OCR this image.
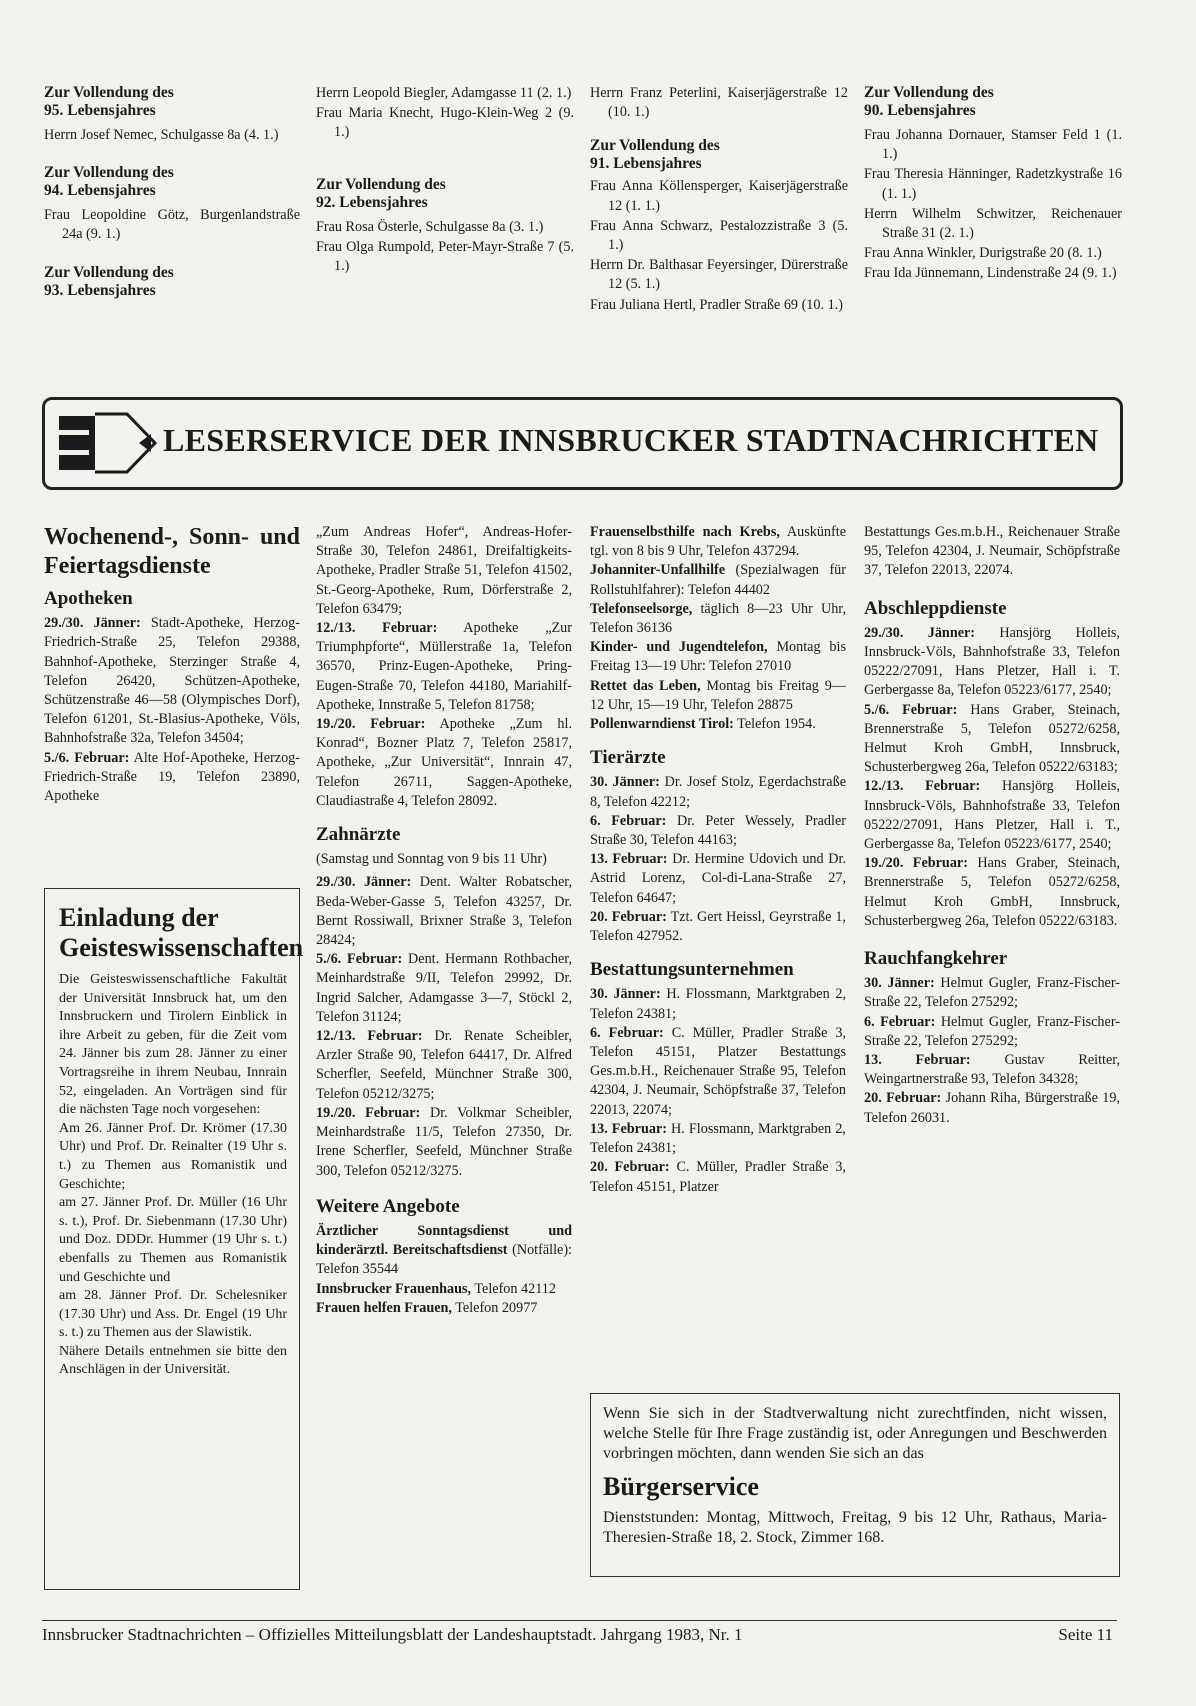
Zur Vollendung des

95. Lebensjahres

Herrn Josef Nemec, Schulgasse 8a (4. 1.)

Zur Vollendung des

94. Lebensjahres

Frau Leopoldine Götz, Burgenlandstraße 24a (9. 1.)

Zur Vollendung des

93. Lebensjahres

Herrn Leopold Biegler, Adamgasse 11 (2. 1.)

Frau Maria Knecht, Hugo-Klein-Weg 2 (9. 1.)

Zur Vollendung des

92. Lebensjahres

Frau Rosa Österle, Schulgasse 8a (3. 1.)

Frau Olga Rumpold, Peter-Mayr-Straße 7 (5. 1.)

Herrn Franz Peterlini, Kaiserjägerstraße 12 (10. 1.)

Zur Vollendung des

91. Lebensjahres

Frau Anna Köllensperger, Kaiserjägerstraße 12 (1. 1.)

Frau Anna Schwarz, Pestalozzistraße 3 (5. 1.)

Herrn Dr. Balthasar Feyersinger, Dürerstraße 12 (5. 1.)

Frau Juliana Hertl, Pradler Straße 69 (10. 1.)

Zur Vollendung des

90. Lebensjahres

Frau Johanna Dornauer, Stamser Feld 1 (1. 1.)

Frau Theresia Hänninger, Radetzkystraße 16 (1. 1.)

Herrn Wilhelm Schwitzer, Reichenauer Straße 31 (2. 1.)

Frau Anna Winkler, Durigstraße 20 (8. 1.)

Frau Ida Jünnemann, Lindenstraße 24 (9. 1.)

LESERSERVICE DER INNSBRUCKER STADTNACHRICHTEN

Wochenend-, Sonn- und Feiertagsdienste

Apotheken

29./30. Jänner: Stadt-Apotheke, Herzog-Friedrich-Straße 25, Telefon 29388, Bahnhof-Apotheke, Sterzinger Straße 4, Telefon 26420, Schützen-Apotheke, Schützenstraße 46—58 (Olympisches Dorf), Telefon 61201, St.-Blasius-Apotheke, Völs, Bahnhofstraße 32a, Telefon 34504;

5./6. Februar: Alte Hof-Apotheke, Herzog-Friedrich-Straße 19, Telefon 23890, Apotheke

Einladung der Geisteswissenschaften

Die Geisteswissenschaftliche Fakultät der Universität Innsbruck hat, um den Innsbruckern und Tirolern Einblick in ihre Arbeit zu geben, für die Zeit vom 24. Jänner bis zum 28. Jänner zu einer Vortragsreihe in ihrem Neubau, Innrain 52, eingeladen. An Vorträgen sind für die nächsten Tage noch vorgesehen:

Am 26. Jänner Prof. Dr. Krömer (17.30 Uhr) und Prof. Dr. Reinalter (19 Uhr s. t.) zu Themen aus Romanistik und Geschichte;

am 27. Jänner Prof. Dr. Müller (16 Uhr s. t.), Prof. Dr. Siebenmann (17.30 Uhr) und Doz. DDDr. Hummer (19 Uhr s. t.) ebenfalls zu Themen aus Romanistik und Geschichte und

am 28. Jänner Prof. Dr. Schelesniker (17.30 Uhr) und Ass. Dr. Engel (19 Uhr s. t.) zu Themen aus der Slawistik.

Nähere Details entnehmen sie bitte den Anschlägen in der Universität.

„Zum Andreas Hofer“, Andreas-Hofer-Straße 30, Telefon 24861, Dreifaltigkeits-Apotheke, Pradler Straße 51, Telefon 41502, St.-Georg-Apotheke, Rum, Dörferstraße 2, Telefon 63479;

12./13. Februar: Apotheke „Zur Triumphpforte“, Müllerstraße 1a, Telefon 36570, Prinz-Eugen-Apotheke, Pring-Eugen-Straße 70, Telefon 44180, Mariahilf-Apotheke, Innstraße 5, Telefon 81758;

19./20. Februar: Apotheke „Zum hl. Konrad“, Bozner Platz 7, Telefon 25817, Apotheke, „Zur Universität“, Innrain 47, Telefon 26711, Saggen-Apotheke, Claudiastraße 4, Telefon 28092.

Zahnärzte

(Samstag und Sonntag von 9 bis 11 Uhr)

29./30. Jänner: Dent. Walter Robatscher, Beda-Weber-Gasse 5, Telefon 43257, Dr. Bernt Rossiwall, Brixner Straße 3, Telefon 28424;

5./6. Februar: Dent. Hermann Rothbacher, Meinhardstraße 9/II, Telefon 29992, Dr. Ingrid Salcher, Adamgasse 3—7, Stöckl 2, Telefon 31124;

12./13. Februar: Dr. Renate Scheibler, Arzler Straße 90, Telefon 64417, Dr. Alfred Scherfler, Seefeld, Münchner Straße 300, Telefon 05212/3275;

19./20. Februar: Dr. Volkmar Scheibler, Meinhardstraße 11/5, Telefon 27350, Dr. Irene Scherfler, Seefeld, Münchner Straße 300, Telefon 05212/3275.

Weitere Angebote

Ärztlicher Sonntagsdienst und kinderärztl. Bereitschaftsdienst (Notfälle): Telefon 35544

Innsbrucker Frauenhaus, Telefon 42112

Frauen helfen Frauen, Telefon 20977

Frauenselbsthilfe nach Krebs, Auskünfte tgl. von 8 bis 9 Uhr, Telefon 437294.

Johanniter-Unfallhilfe (Spezialwagen für Rollstuhlfahrer): Telefon 44402

Telefonseelsorge, täglich 8—23 Uhr Uhr, Telefon 36136

Kinder- und Jugendtelefon, Montag bis Freitag 13—19 Uhr: Telefon 27010

Rettet das Leben, Montag bis Freitag 9—12 Uhr, 15—19 Uhr, Telefon 28875

Pollenwarndienst Tirol: Telefon 1954.

Tierärzte

30. Jänner: Dr. Josef Stolz, Egerdachstraße 8, Telefon 42212;

6. Februar: Dr. Peter Wessely, Pradler Straße 30, Telefon 44163;

13. Februar: Dr. Hermine Udovich und Dr. Astrid Lorenz, Col-di-Lana-Straße 27, Telefon 64647;

20. Februar: Tzt. Gert Heissl, Geyrstraße 1, Telefon 427952.

Bestattungsunternehmen

30. Jänner: H. Flossmann, Marktgraben 2, Telefon 24381;

6. Februar: C. Müller, Pradler Straße 3, Telefon 45151, Platzer Bestattungs Ges.m.b.H., Reichenauer Straße 95, Telefon 42304, J. Neumair, Schöpfstraße 37, Telefon 22013, 22074;

13. Februar: H. Flossmann, Marktgraben 2, Telefon 24381;

20. Februar: C. Müller, Pradler Straße 3, Telefon 45151, Platzer

Bestattungs Ges.m.b.H., Reichenauer Straße 95, Telefon 42304, J. Neumair, Schöpfstraße 37, Telefon 22013, 22074.

Abschleppdienste

29./30. Jänner: Hansjörg Holleis, Innsbruck-Völs, Bahnhofstraße 33, Telefon 05222/27091, Hans Pletzer, Hall i. T. Gerbergasse 8a, Telefon 05223/6177, 2540;

5./6. Februar: Hans Graber, Steinach, Brennerstraße 5, Telefon 05272/6258, Helmut Kroh GmbH, Innsbruck, Schusterbergweg 26a, Telefon 05222/63183;

12./13. Februar: Hansjörg Holleis, Innsbruck-Völs, Bahnhofstraße 33, Telefon 05222/27091, Hans Pletzer, Hall i. T., Gerbergasse 8a, Telefon 05223/6177, 2540;

19./20. Februar: Hans Graber, Steinach, Brennerstraße 5, Telefon 05272/6258, Helmut Kroh GmbH, Innsbruck, Schusterbergweg 26a, Telefon 05222/63183.

Rauchfangkehrer

30. Jänner: Helmut Gugler, Franz-Fischer-Straße 22, Telefon 275292;

6. Februar: Helmut Gugler, Franz-Fischer-Straße 22, Telefon 275292;

13. Februar: Gustav Reitter, Weingartnerstraße 93, Telefon 34328;

20. Februar: Johann Riha, Bürgerstraße 19, Telefon 26031.

Wenn Sie sich in der Stadtverwaltung nicht zurechtfinden, nicht wissen, welche Stelle für Ihre Frage zuständig ist, oder Anregungen und Beschwerden vorbringen möchten, dann wenden Sie sich an das

Bürgerservice

Dienststunden: Montag, Mittwoch, Freitag, 9 bis 12 Uhr, Rathaus, Maria-Theresien-Straße 18, 2. Stock, Zimmer 168.

Innsbrucker Stadtnachrichten – Offizielles Mitteilungsblatt der Landeshauptstadt. Jahrgang 1983, Nr. 1	Seite 11
